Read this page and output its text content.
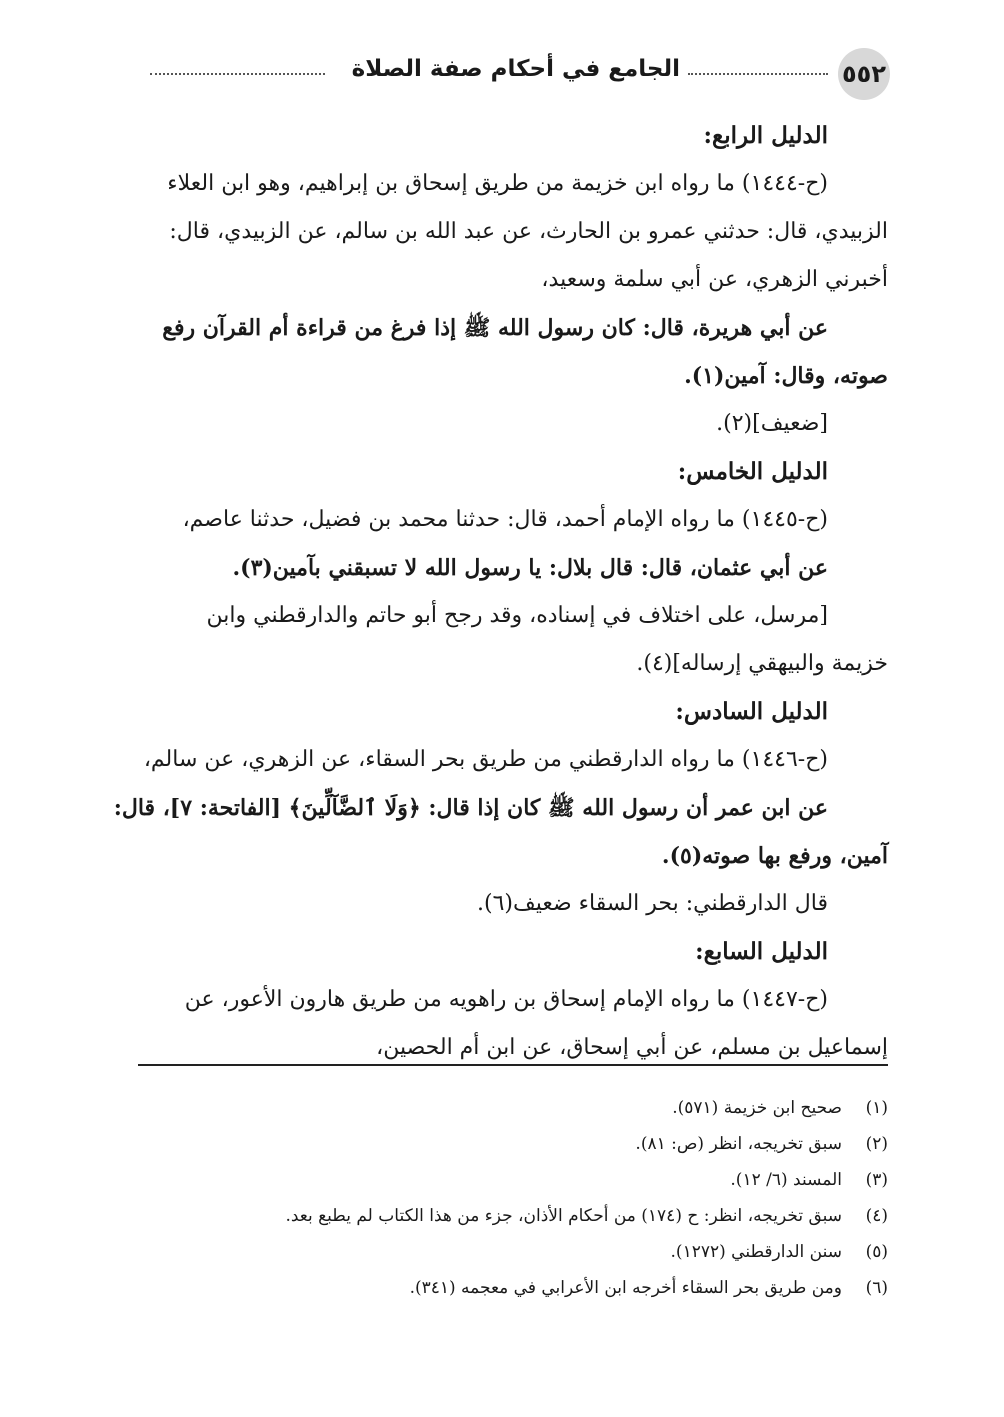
٥٥٢
الجامع في أحكام صفة الصلاة
الدليل الرابع:
(ح-١٤٤٤) ما رواه ابن خزيمة من طريق إسحاق بن إبراهيم، وهو ابن العلاء
الزبيدي، قال: حدثني عمرو بن الحارث، عن عبد الله بن سالم، عن الزبيدي، قال:
أخبرني الزهري، عن أبي سلمة وسعيد،
عن أبي هريرة، قال: كان رسول الله ﷺ إذا فرغ من قراءة أم القرآن رفع
صوته، وقال: آمين(١).
[ضعيف](٢).
الدليل الخامس:
(ح-١٤٤٥) ما رواه الإمام أحمد، قال: حدثنا محمد بن فضيل، حدثنا عاصم،
عن أبي عثمان، قال: قال بلال: يا رسول الله لا تسبقني بآمين(٣).
[مرسل، على اختلاف في إسناده، وقد رجح أبو حاتم والدارقطني وابن
خزيمة والبيهقي إرساله](٤).
الدليل السادس:
(ح-١٤٤٦) ما رواه الدارقطني من طريق بحر السقاء، عن الزهري، عن سالم،
عن ابن عمر أن رسول الله ﷺ كان إذا قال: ﴿وَلَا ٱلضَّآلِّينَ﴾ [الفاتحة: ٧]، قال:
آمين، ورفع بها صوته(٥).
قال الدارقطني: بحر السقاء ضعيف(٦).
الدليل السابع:
(ح-١٤٤٧) ما رواه الإمام إسحاق بن راهويه من طريق هارون الأعور، عن
إسماعيل بن مسلم، عن أبي إسحاق، عن ابن أم الحصين،
(١)صحيح ابن خزيمة (٥٧١).
(٢)سبق تخريجه، انظر (ص: ٨١).
(٣)المسند (٦/ ١٢).
(٤)سبق تخريجه، انظر: ح (١٧٤) من أحكام الأذان، جزء من هذا الكتاب لم يطبع بعد.
(٥)سنن الدارقطني (١٢٧٢).
(٦)ومن طريق بحر السقاء أخرجه ابن الأعرابي في معجمه (٣٤١).
